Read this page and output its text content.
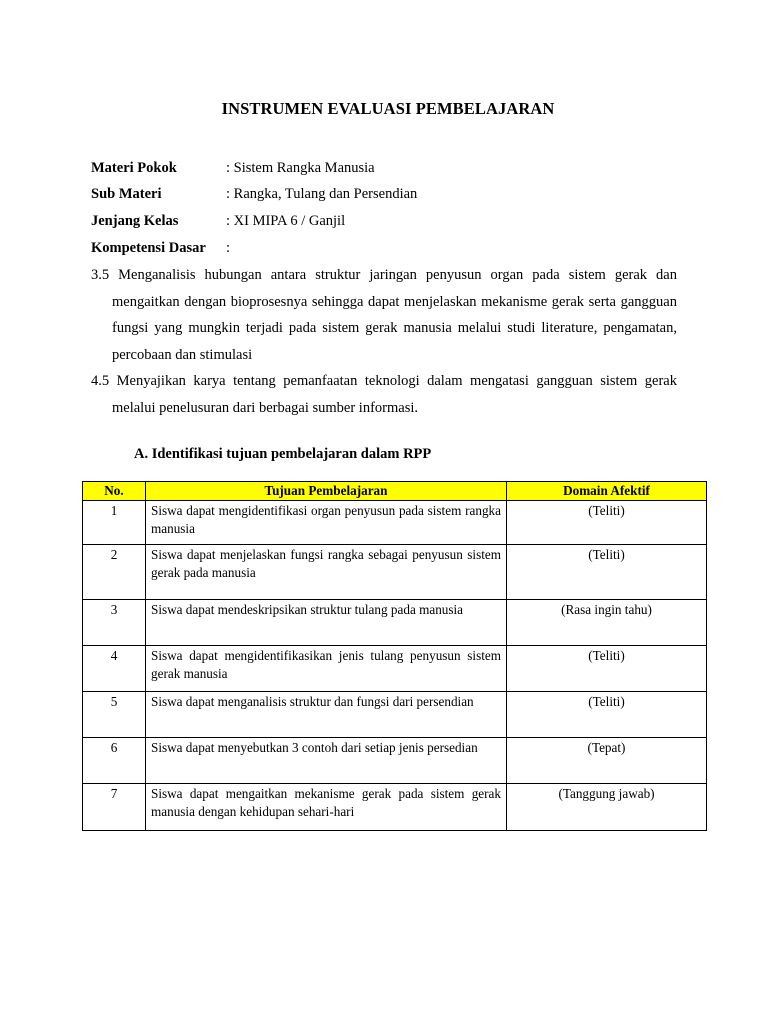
INSTRUMEN EVALUASI PEMBELAJARAN
Materi Pokok	: Sistem Rangka Manusia
Sub Materi	: Rangka, Tulang dan Persendian
Jenjang Kelas	: XI MIPA 6 / Ganjil
Kompetensi Dasar :

3.5 Menganalisis hubungan antara struktur jaringan penyusun organ pada sistem gerak dan mengaitkan dengan bioprosesnya sehingga dapat menjelaskan mekanisme gerak serta gangguan fungsi yang mungkin terjadi pada sistem gerak manusia melalui studi literature, pengamatan, percobaan dan stimulasi

4.5 Menyajikan karya tentang pemanfaatan teknologi dalam mengatasi gangguan sistem gerak melalui penelusuran dari berbagai sumber informasi.

A. Identifikasi tujuan pembelajaran dalam RPP
No.	Tujuan Pembelajaran	Domain Afektif
1	Siswa dapat mengidentifikasi organ penyusun pada sistem rangka manusia	(Teliti)
2	Siswa dapat menjelaskan fungsi rangka sebagai penyusun sistem gerak pada manusia	(Teliti)
3	Siswa dapat mendeskripsikan struktur tulang pada manusia	(Rasa ingin tahu)
4	Siswa dapat mengidentifikasikan jenis tulang penyusun sistem gerak manusia	(Teliti)
5	Siswa dapat menganalisis struktur dan fungsi dari persendian	(Teliti)
6	Siswa dapat menyebutkan 3 contoh dari setiap jenis persedian	(Tepat)
7	Siswa dapat mengaitkan mekanisme gerak pada sistem gerak manusia dengan kehidupan sehari-hari	(Tanggung jawab)
